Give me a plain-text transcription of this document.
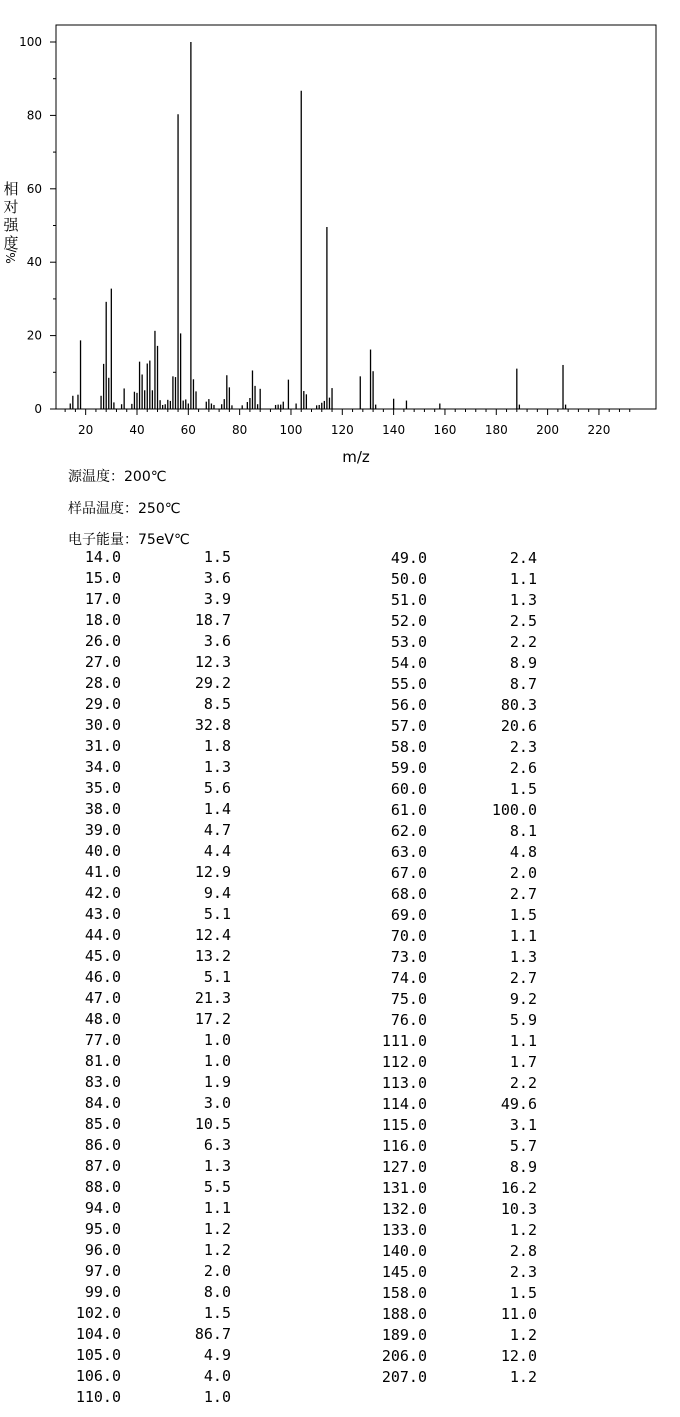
0
20
40
60
80
100
20	40	60	80	100 120 140 160 180 200 220
相
对
强
度
%/
m/z
源温度：200℃
样品温度：250℃
电子能量：75eV℃
14.0	1.5
15.0	3.6
17.0	3.9
18.0	18.7
26.0	3.6
27.0	12.3
28.0	29.2
29.0	8.5
30.0	32.8
31.0	1.8
34.0	1.3
35.0	5.6
38.0	1.4
39.0	4.7
40.0	4.4
41.0	12.9
42.0	9.4
43.0	5.1
44.0	12.4
45.0	13.2
46.0	5.1
47.0	21.3
48.0	17.2
77.0	1.0
81.0	1.0
83.0	1.9
84.0	3.0
85.0	10.5
86.0	6.3
87.0	1.3
88.0	5.5
94.0	1.1
95.0	1.2
96.0	1.2
97.0	2.0
99.0	8.0
102.0	1.5
104.0	86.7
105.0	4.9
106.0	4.0
110.0	1.0
49.0	2.4
50.0	1.1
51.0	1.3
52.0	2.5
53.0	2.2
54.0	8.9
55.0	8.7
56.0	80.3
57.0	20.6
58.0	2.3
59.0	2.6
60.0	1.5
61.0	100.0
62.0	8.1
63.0	4.8
67.0	2.0
68.0	2.7
69.0	1.5
70.0	1.1
73.0	1.3
74.0	2.7
75.0	9.2
76.0	5.9
111.0	1.1
112.0	1.7
113.0	2.2
114.0	49.6
115.0	3.1
116.0	5.7
127.0	8.9
131.0	16.2
132.0	10.3
133.0	1.2
140.0	2.8
145.0	2.3
158.0	1.5
188.0	11.0
189.0	1.2
206.0	12.0
207.0	1.2
